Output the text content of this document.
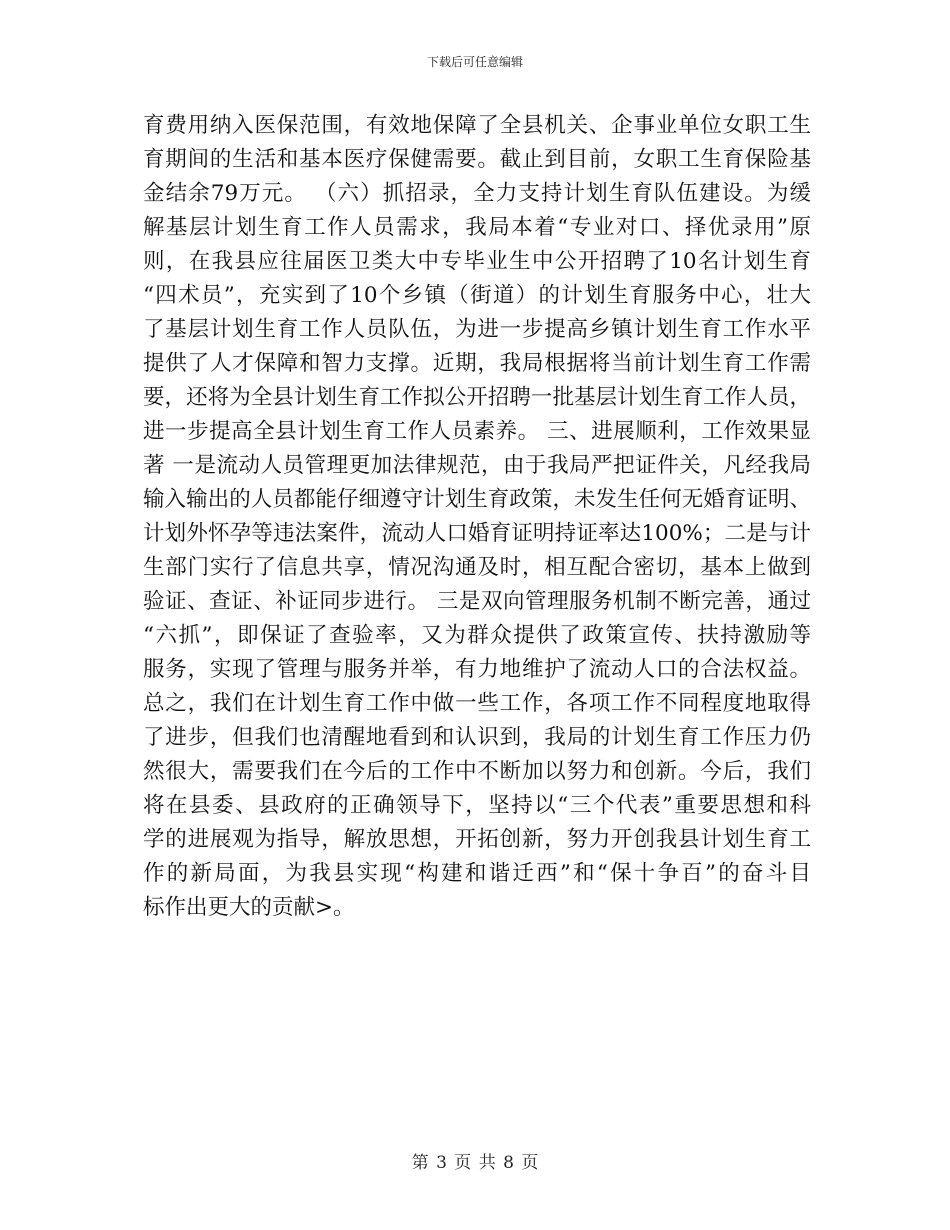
下载后可任意编辑
育费用纳入医保范围，有效地保障了全县机关、企事业单位女职工生
育期间的生活和基本医疗保健需要。截止到目前，女职工生育保险基
金结余79万元。 （六）抓招录，全力支持计划生育队伍建设。为缓
解基层计划生育工作人员需求，我局本着“专业对口、择优录用”原
则，在我县应往届医卫类大中专毕业生中公开招聘了10名计划生育
“四术员”，充实到了10个乡镇（街道）的计划生育服务中心，壮大
了基层计划生育工作人员队伍，为进一步提高乡镇计划生育工作水平
提供了人才保障和智力支撑。近期，我局根据将当前计划生育工作需
要，还将为全县计划生育工作拟公开招聘一批基层计划生育工作人员，
进一步提高全县计划生育工作人员素养。 三、进展顺利，工作效果显
著 一是流动人员管理更加法律规范，由于我局严把证件关，凡经我局
输入输出的人员都能仔细遵守计划生育政策，未发生任何无婚育证明、
计划外怀孕等违法案件，流动人口婚育证明持证率达100%；二是与计
生部门实行了信息共享，情况沟通及时，相互配合密切，基本上做到
验证、查证、补证同步进行。 三是双向管理服务机制不断完善，通过
“六抓”，即保证了查验率，又为群众提供了政策宣传、扶持激励等
服务，实现了管理与服务并举，有力地维护了流动人口的合法权益。
总之，我们在计划生育工作中做一些工作，各项工作不同程度地取得
了进步，但我们也清醒地看到和认识到，我局的计划生育工作压力仍
然很大，需要我们在今后的工作中不断加以努力和创新。今后，我们
将在县委、县政府的正确领导下，坚持以“三个代表”重要思想和科
学的进展观为指导，解放思想，开拓创新，努力开创我县计划生育工
作的新局面，为我县实现“构建和谐迁西”和“保十争百”的奋斗目
标作出更大的贡献>。
第 3 页 共 8 页
